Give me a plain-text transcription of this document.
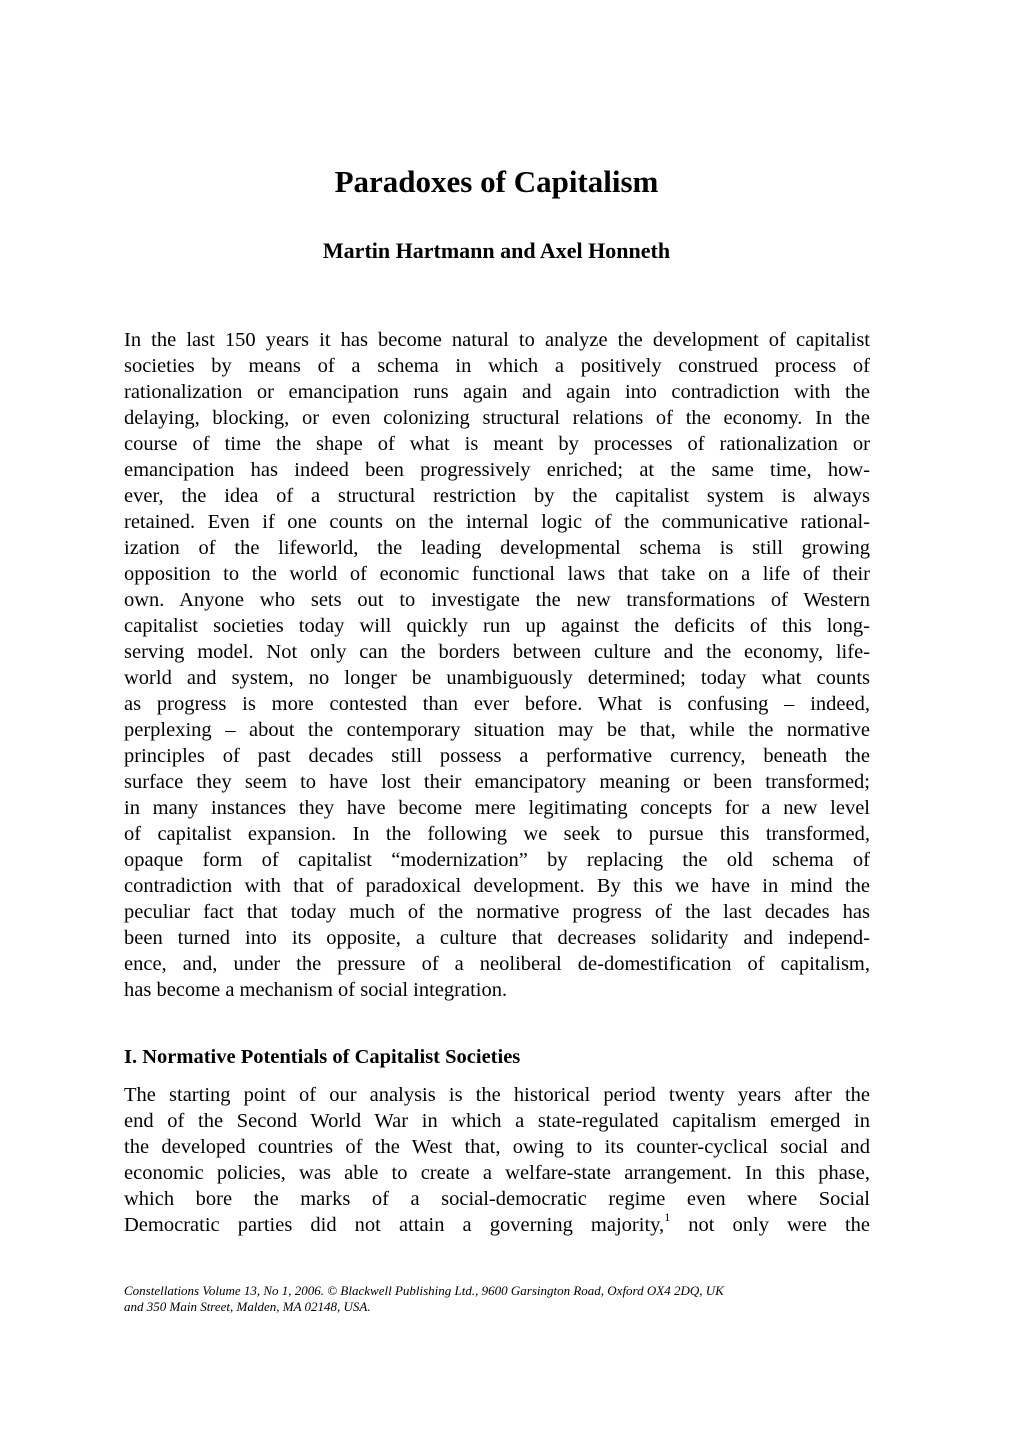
Paradoxes of Capitalism
Martin Hartmann and Axel Honneth
In the last 150 years it has become natural to analyze the development of capitalist
societies by means of a schema in which a positively construed process of
rationalization or emancipation runs again and again into contradiction with the
delaying, blocking, or even colonizing structural relations of the economy. In the
course of time the shape of what is meant by processes of rationalization or
emancipation has indeed been progressively enriched; at the same time, how-
ever, the idea of a structural restriction by the capitalist system is always
retained. Even if one counts on the internal logic of the communicative rational-
ization of the lifeworld, the leading developmental schema is still growing
opposition to the world of economic functional laws that take on a life of their
own. Anyone who sets out to investigate the new transformations of Western
capitalist societies today will quickly run up against the deficits of this long-
serving model. Not only can the borders between culture and the economy, life-
world and system, no longer be unambiguously determined; today what counts
as progress is more contested than ever before. What is confusing – indeed,
perplexing – about the contemporary situation may be that, while the normative
principles of past decades still possess a performative currency, beneath the
surface they seem to have lost their emancipatory meaning or been transformed;
in many instances they have become mere legitimating concepts for a new level
of capitalist expansion. In the following we seek to pursue this transformed,
opaque form of capitalist “modernization” by replacing the old schema of
contradiction with that of paradoxical development. By this we have in mind the
peculiar fact that today much of the normative progress of the last decades has
been turned into its opposite, a culture that decreases solidarity and independ-
ence, and, under the pressure of a neoliberal de-domestification of capitalism,
has become a mechanism of social integration.
I. Normative Potentials of Capitalist Societies
The starting point of our analysis is the historical period twenty years after the
end of the Second World War in which a state-regulated capitalism emerged in
the developed countries of the West that, owing to its counter-cyclical social and
economic policies, was able to create a welfare-state arrangement. In this phase,
which bore the marks of a social-democratic regime even where Social
Democratic parties did not attain a governing majority,$^1$ not only were the
Constellations Volume 13, No 1, 2006. © Blackwell Publishing Ltd., 9600 Garsington Road, Oxford OX4 2DQ, UK
and 350 Main Street, Malden, MA 02148, USA.
